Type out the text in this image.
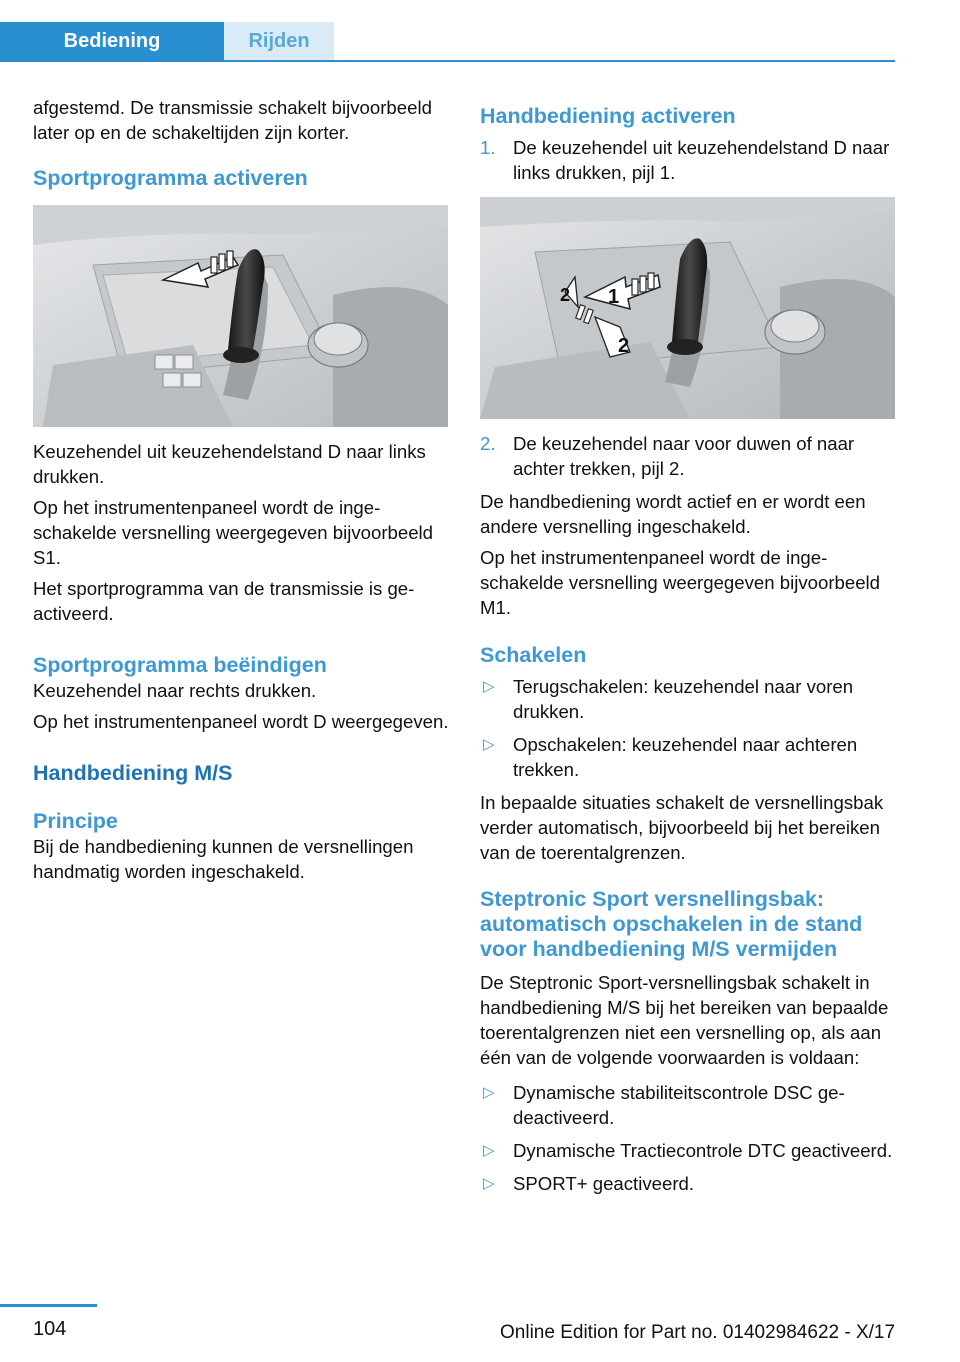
Bediening	Rijden

afgestemd. De transmissie schakelt bijvoorbeeld later op en de schakeltijden zijn korter.

Sportprogramma activeren

Keuzehendel uit keuzehendelstand D naar links drukken.

Op het instrumentenpaneel wordt de ingeschakelde versnelling weergegeven bijvoorbeeld S1.

Het sportprogramma van de transmissie is geactiveerd.

Sportprogramma beëindigen

Keuzehendel naar rechts drukken.

Op het instrumentenpaneel wordt D weergegeven.

Handbediening M/S
Principe

Bij de handbediening kunnen de versnellingen handmatig worden ingeschakeld.

Handbediening activeren
1. De keuzehendel uit keuzehendelstand D naar links drukken, pijl 1.
1
2
2
2. De keuzehendel naar voor duwen of naar achter trekken, pijl 2.

De handbediening wordt actief en er wordt een andere versnelling ingeschakeld.

Op het instrumentenpaneel wordt de ingeschakelde versnelling weergegeven bijvoorbeeld M1.

Schakelen
▷ Terugschakelen: keuzehendel naar voren drukken.
▷ Opschakelen: keuzehendel naar achteren trekken.

In bepaalde situaties schakelt de versnellingsbak verder automatisch, bijvoorbeeld bij het bereiken van de toerentalgrenzen.

Steptronic Sport versnellingsbak: automatisch opschakelen in de stand voor handbediening M/S vermijden

De Steptronic Sport-versnellingsbak schakelt in handbediening M/S bij het bereiken van bepaalde toerentalgrenzen niet een versnelling op, als aan één van de volgende voorwaarden is voldaan:

▷ Dynamische stabiliteitscontrole DSC gedeactiveerd.
▷ Dynamische Tractiecontrole DTC geactiveerd.
▷ SPORT+ geactiveerd.
104	Online Edition for Part no. 01402984622 - X/17
